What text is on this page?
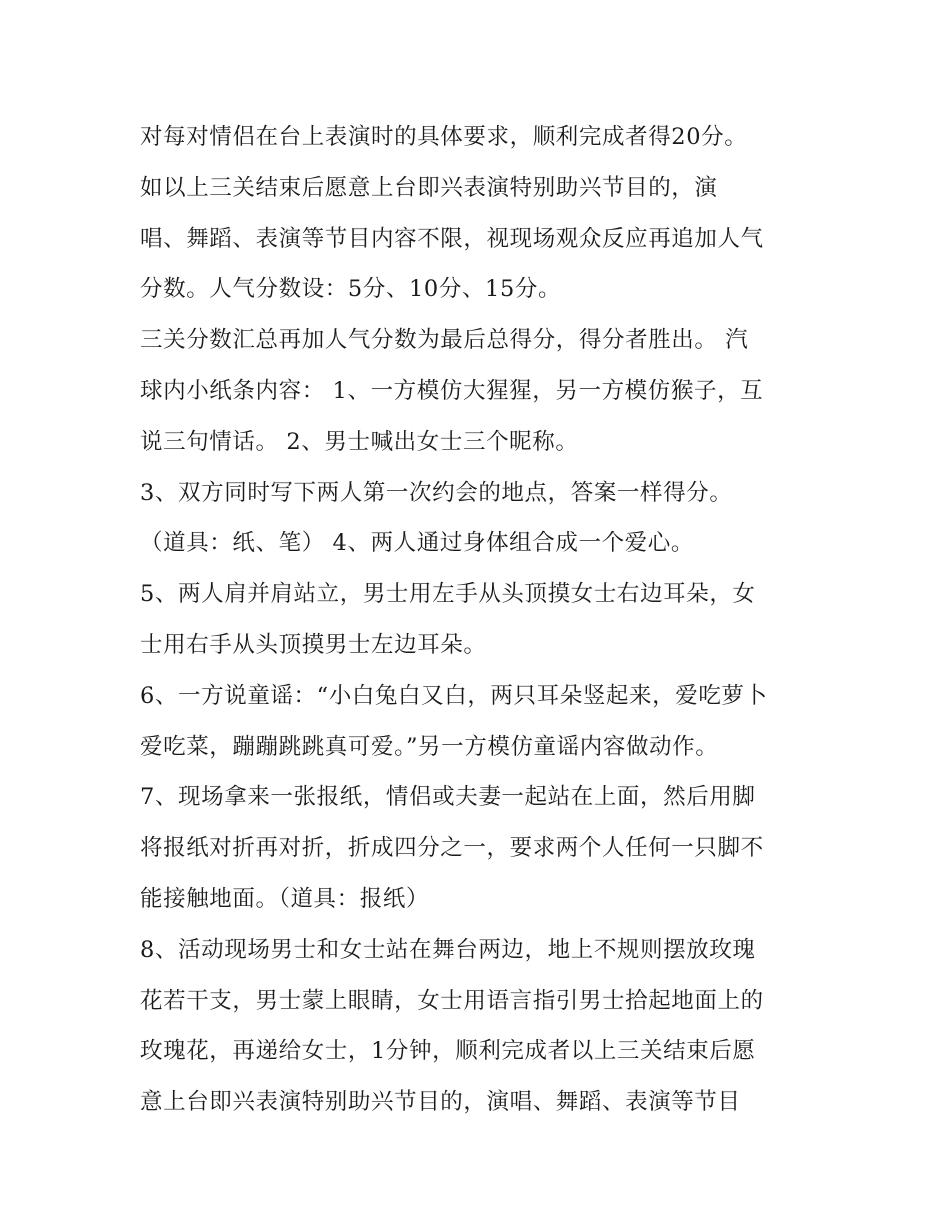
对每对情侣在台上表演时的具体要求，顺利完成者得20分。
如以上三关结束后愿意上台即兴表演特别助兴节目的，演
唱、舞蹈、表演等节目内容不限，视现场观众反应再追加人气
分数。人气分数设：5分、10分、15分。
三关分数汇总再加人气分数为最后总得分，得分者胜出。 汽
球内小纸条内容： 1、一方模仿大猩猩，另一方模仿猴子，互
说三句情话。 2、男士喊出女士三个昵称。
3、双方同时写下两人第一次约会的地点，答案一样得分。
（道具：纸、笔） 4、两人通过身体组合成一个爱心。
5、两人肩并肩站立，男士用左手从头顶摸女士右边耳朵，女
士用右手从头顶摸男士左边耳朵。
6、一方说童谣：“小白兔白又白，两只耳朵竖起来，爱吃萝卜
爱吃菜，蹦蹦跳跳真可爱。”另一方模仿童谣内容做动作。
7、现场拿来一张报纸，情侣或夫妻一起站在上面，然后用脚
将报纸对折再对折，折成四分之一，要求两个人任何一只脚不
能接触地面。（道具：报纸）
8、活动现场男士和女士站在舞台两边，地上不规则摆放玫瑰
花若干支，男士蒙上眼睛，女士用语言指引男士拾起地面上的
玫瑰花，再递给女士，1分钟，顺利完成者以上三关结束后愿
意上台即兴表演特别助兴节目的，演唱、舞蹈、表演等节目
